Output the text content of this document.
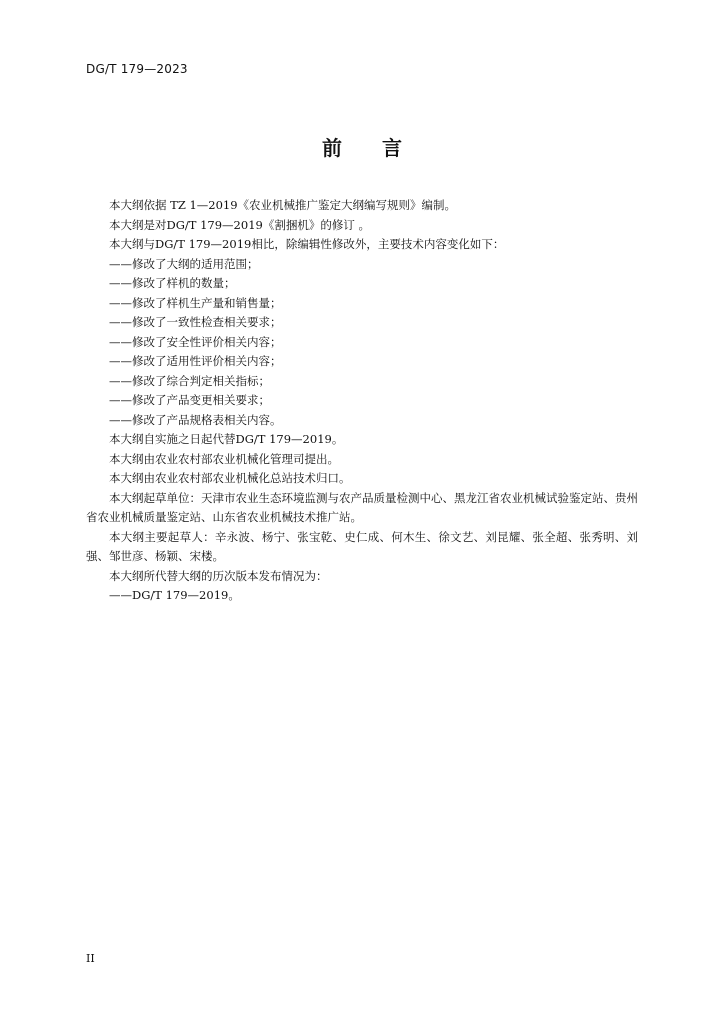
DG/T 179—2023
前 言

本大纲依据 TZ 1—2019《农业机械推广鉴定大纲编写规则》编制。

本大纲是对DG/T 179—2019《割捆机》的修订 。

本大纲与DG/T 179—2019相比，除编辑性修改外，主要技术内容变化如下：

——修改了大纲的适用范围；

——修改了样机的数量；

——修改了样机生产量和销售量；

——修改了一致性检查相关要求；

——修改了安全性评价相关内容；

——修改了适用性评价相关内容；

——修改了综合判定相关指标；

——修改了产品变更相关要求；

——修改了产品规格表相关内容。

本大纲自实施之日起代替DG/T 179—2019。

本大纲由农业农村部农业机械化管理司提出。

本大纲由农业农村部农业机械化总站技术归口。

本大纲起草单位：天津市农业生态环境监测与农产品质量检测中心、黑龙江省农业机械试验鉴定站、贵州省农业机械质量鉴定站、山东省农业机械技术推广站。

本大纲主要起草人：辛永波、杨宁、张宝乾、史仁成、何木生、徐文艺、刘昆耀、张全超、张秀明、刘强、邹世彦、杨颖、宋楼。

本大纲所代替大纲的历次版本发布情况为：

——DG/T 179—2019。

II
